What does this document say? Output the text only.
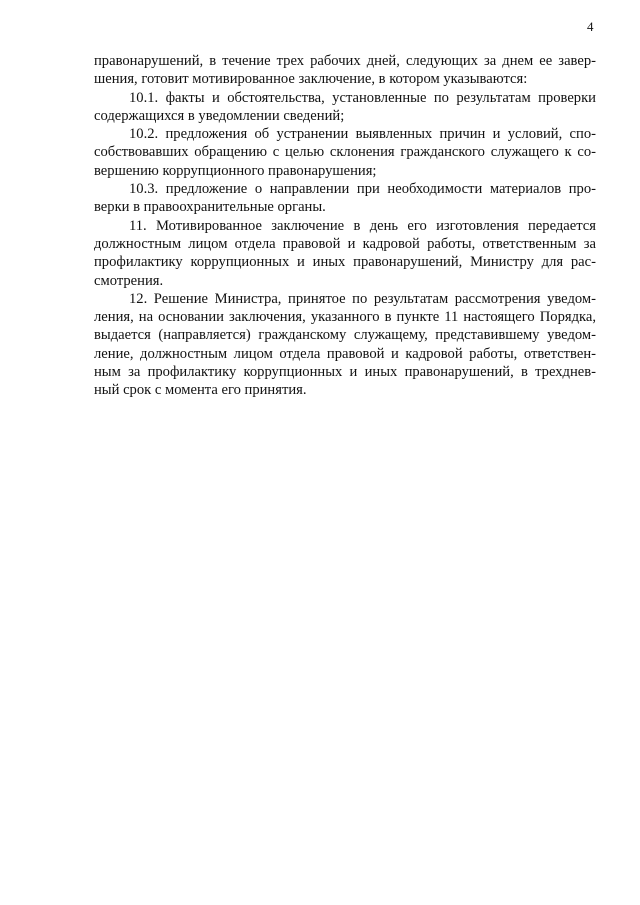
4
правонарушений, в течение трех рабочих дней, следующих за днем ее завер-
шения, готовит мотивированное заключение, в котором указываются:
10.1. факты и обстоятельства, установленные по результатам проверки
содержащихся в уведомлении сведений;
10.2. предложения об устранении выявленных причин и условий, спо-
собствовавших обращению с целью склонения гражданского служащего к со-
вершению коррупционного правонарушения;
10.3. предложение о направлении при необходимости материалов про-
верки в правоохранительные органы.
11. Мотивированное заключение в день его изготовления передается
должностным лицом отдела правовой и кадровой работы, ответственным за
профилактику коррупционных и иных правонарушений, Министру для рас-
смотрения.
12. Решение Министра, принятое по результатам рассмотрения уведом-
ления, на основании заключения, указанного в пункте 11 настоящего Порядка,
выдается (направляется) гражданскому служащему, представившему уведом-
ление, должностным лицом отдела правовой и кадровой работы, ответствен-
ным за профилактику коррупционных и иных правонарушений, в трехднев-
ный срок с момента его принятия.
